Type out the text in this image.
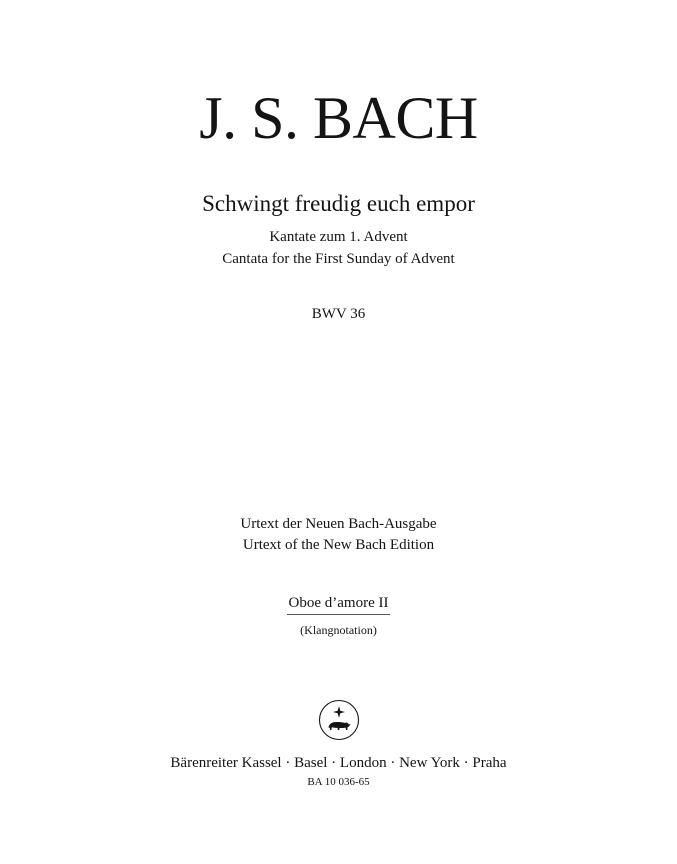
J. S. BACH
Schwingt freudig euch empor
Kantate zum 1. Advent
Cantata for the First Sunday of Advent
BWV 36
Urtext der Neuen Bach-Ausgabe
Urtext of the New Bach Edition
Oboe d’amore II
(Klangnotation)
Bärenreiter Kassel · Basel · London · New York · Praha
BA 10 036-65
